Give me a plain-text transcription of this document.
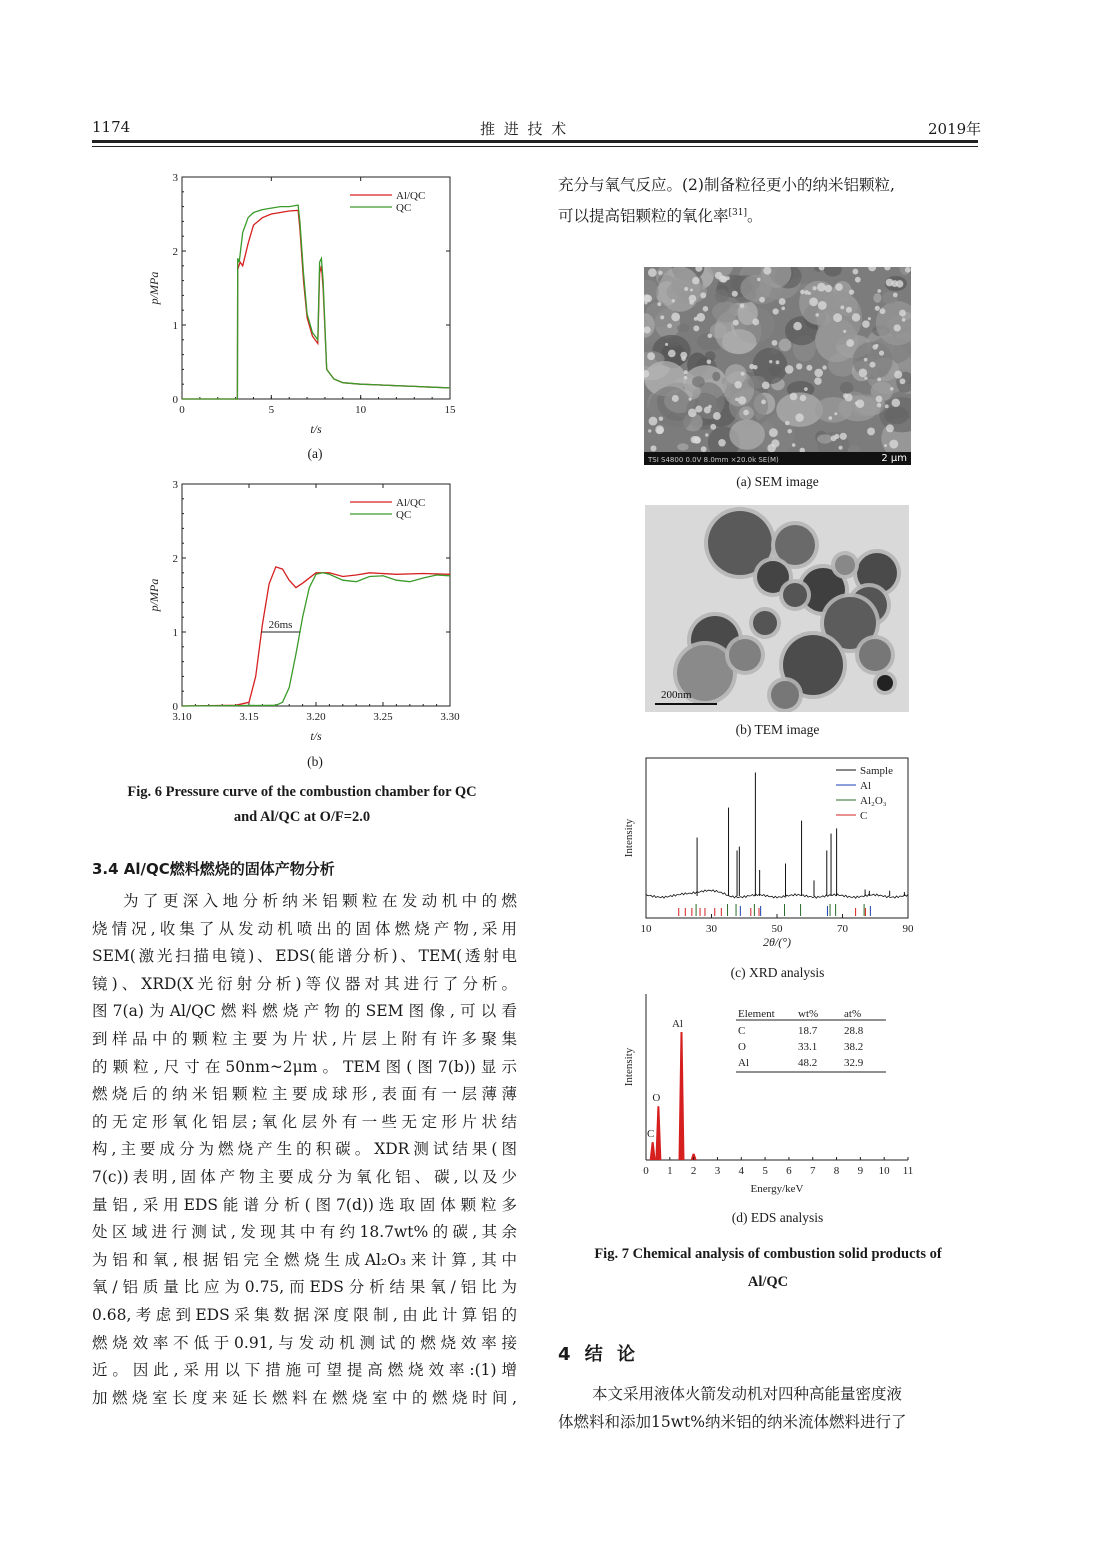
1174	推 进 技 术	2019年
0	5	10	15
0
1
2
3
t/s
p/MPa
Al/QC
QC
(a)
3.10	3.15	3.20	3.25	3.30
0
1
2
3
t/s
p/MPa
Al/QC
QC
26ms
(b)
Fig. 6 Pressure curve of the combustion chamber for QC
and Al/QC at O/F=2.0
3.4 Al/QC燃料燃烧的固体产物分析
为了更深入地分析纳米铝颗粒在发动机中的燃
烧情况,收集了从发动机喷出的固体燃烧产物,采用
SEM(激光扫描电镜)、EDS(能谱分析)、TEM(透射电
镜)、XRD(X光衍射分析)等仪器对其进行了分析。
图7(a)为Al/QC燃料燃烧产物的SEM图像,可以看
到样品中的颗粒主要为片状,片层上附有许多聚集
的颗粒,尺寸在50nm~2μm。TEM图(图7(b))显示
燃烧后的纳米铝颗粒主要成球形,表面有一层薄薄
的无定形氧化铝层;氧化层外有一些无定形片状结
构,主要成分为燃烧产生的积碳。XDR测试结果(图
7(c))表明,固体产物主要成分为氧化铝、碳,以及少
量铝,采用EDS能谱分析(图7(d))选取固体颗粒多
处区域进行测试,发现其中有约18.7wt%的碳,其余
为铝和氧,根据铝完全燃烧生成Al₂O₃来计算,其中
氧/铝质量比应为0.75,而EDS分析结果氧/铝比为
0.68,考虑到EDS采集数据深度限制,由此计算铝的
燃烧效率不低于0.91,与发动机测试的燃烧效率接
近。因此,采用以下措施可望提高燃烧效率:(1)增
加燃烧室长度来延长燃料在燃烧室中的燃烧时间,
充分与氧气反应。(2)制备粒径更小的纳米铝颗粒,
可以提高铝颗粒的氧化率[31]。
TSI S4800 0.0V 8.0mm ×20.0k SE(M)	2 μm
(a) SEM image
200nm
(b) TEM image
10	30	50	70	90
2θ/(°)
Intensity
Sample
Al
Al₂O₃
C
(c) XRD analysis
C
O
Al
0 1 2 3 4 5 6 7 8 9 10 11
Energy/keV
Intensity
Element wt% at%
C	18.7 28.8
O	33.1 38.2
Al	48.2 32.9
(d) EDS analysis
Fig. 7 Chemical analysis of combustion solid products of
Al/QC
4 结 论
本文采用液体火箭发动机对四种高能量密度液
体燃料和添加15wt%纳米铝的纳米流体燃料进行了
